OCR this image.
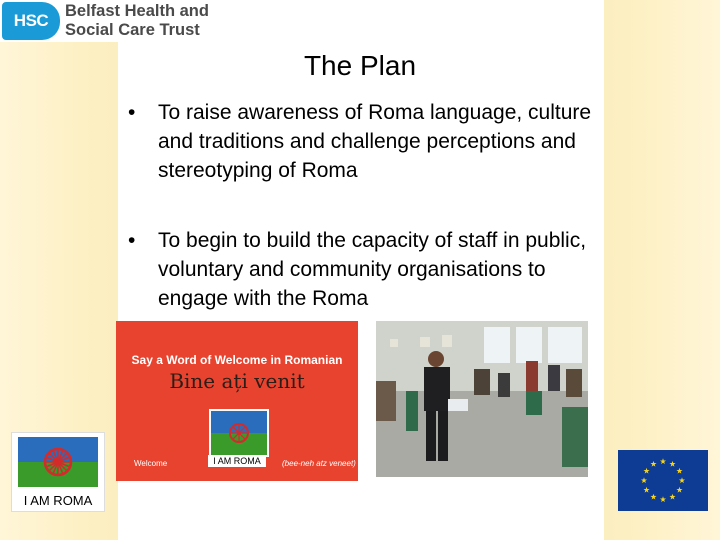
HSC Belfast Health and
Social Care Trust
The Plan
• To raise awareness of Roma language, culture and traditions and challenge perceptions and stereotyping of Roma
• To begin to build the capacity of staff in public, voluntary and community organisations to engage with the Roma
Say a Word of Welcome in Romanian
Bine ați venit
I AM ROMA
Welcome	(bee-neh atz veneet)
I AM ROMA
